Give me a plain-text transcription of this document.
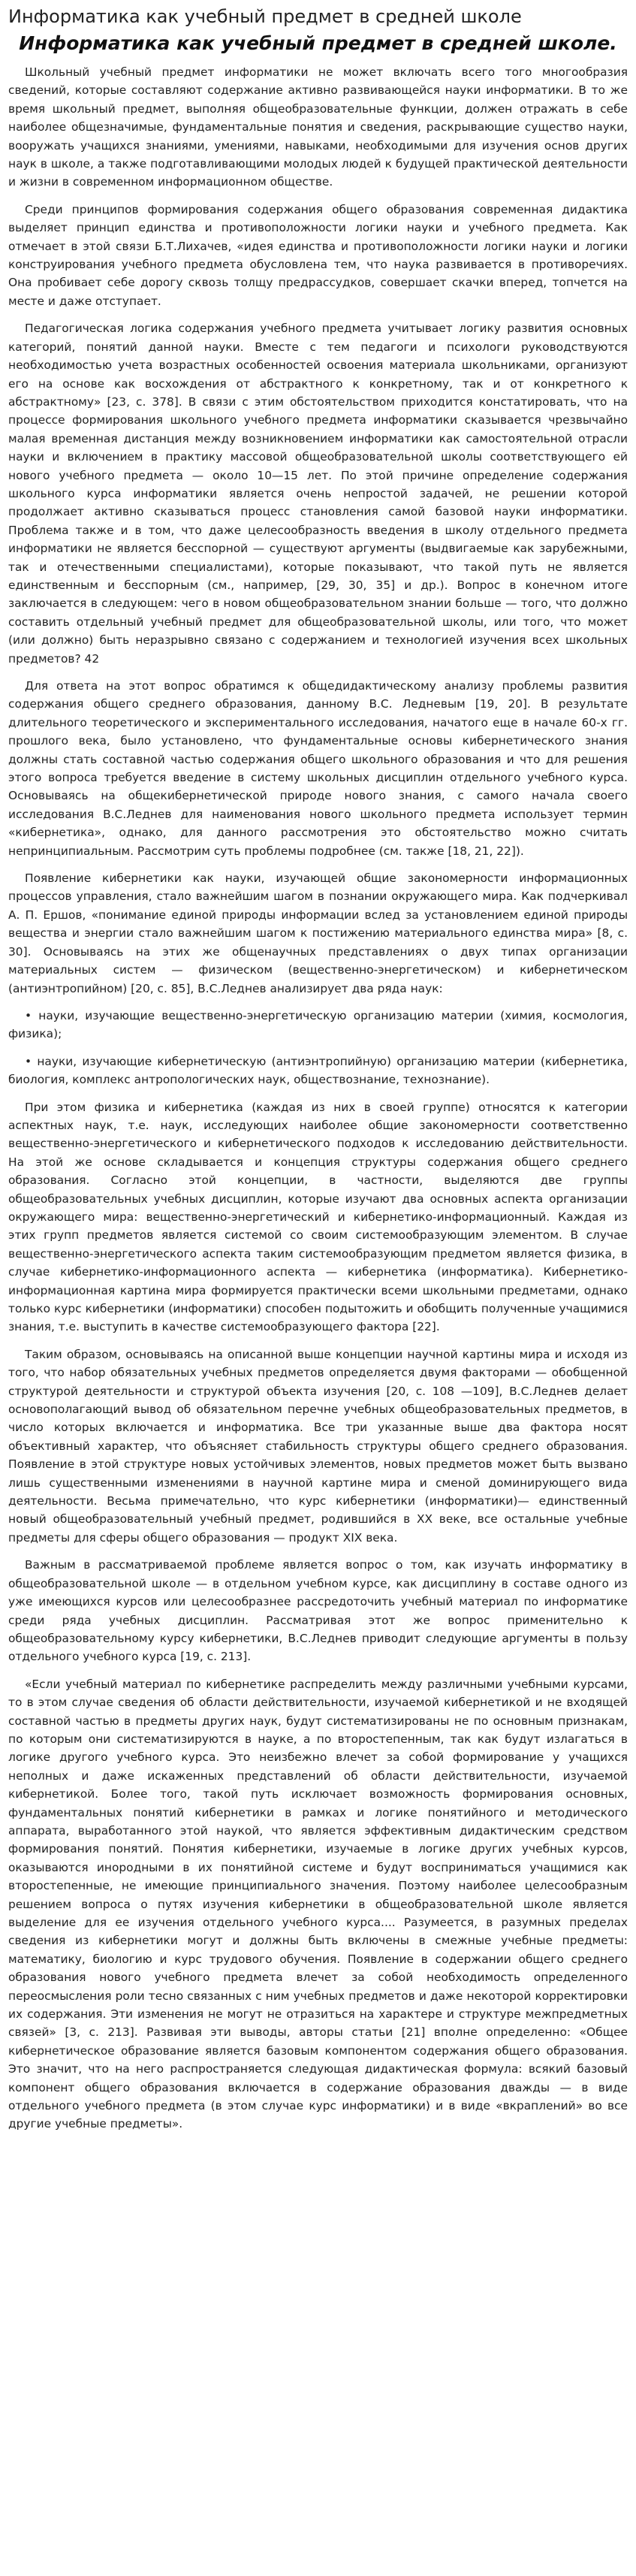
Информатика как учебный предмет в средней школе
Информатика как учебный предмет в средней школе.

Школьный учебный предмет информатики не может включать всего того многообразия сведений, которые составляют содержание активно развивающейся науки информатики. В то же время школьный предмет, выполняя общеобразовательные функции, должен отражать в себе наиболее общезначимые, фундаментальные понятия и сведения, раскрывающие существо науки, вооружать учащихся знаниями, умениями, навыками, необходимыми для изучения основ других наук в школе, а также подготавливающими молодых людей к будущей практической деятельности и жизни в современном информационном обществе.

Среди принципов формирования содержания общего образования современная дидактика выделяет принцип единства и противоположности логики науки и учебного предмета. Как отмечает в этой связи Б.Т.Лихачев, «идея единства и противоположности логики науки и логики конструирования учебного предмета обусловлена тем, что наука развивается в противоречиях. Она пробивает себе дорогу сквозь толщу предрассудков, совершает скачки вперед, топчется на месте и даже отступает.

Педагогическая логика содержания учебного предмета учитывает логику развития основных категорий, понятий данной науки. Вместе с тем педагоги и психологи руководствуются необходимостью учета возрастных особенностей освоения материала школьниками, организуют его на основе как восхождения от абстрактного к конкретному, так и от конкретного к абстрактному» [23, с. 378]. В связи с этим обстоятельством приходится констатировать, что на процессе формирования школьного учебного предмета информатики сказывается чрезвычайно малая временная дистанция между возникновением информатики как самостоятельной отрасли науки и включением в практику массовой общеобразовательной школы соответствующего ей нового учебного предмета — около 10—15 лет. По этой причине определение содержания школьного курса информатики является очень непростой задачей, не решении которой продолжает активно сказываться процесс становления самой базовой науки информатики. Проблема также и в том, что даже целесообразность введения в школу отдельного предмета информатики не является бесспорной — существуют аргументы (выдвигаемые как зарубежными, так и отечественными специалистами), которые показывают, что такой путь не является единственным и бесспорным (см., например, [29, 30, 35] и др.). Вопрос в конечном итоге заключается в следующем: чего в новом общеобразовательном знании больше — того, что должно составить отдельный учебный предмет для общеобразовательной школы, или того, что может (или должно) быть неразрывно связано с содержанием и технологией изучения всех школьных предметов? 42

Для ответа на этот вопрос обратимся к общедидактическому анализу проблемы развития содержания общего среднего образования, данному В.С. Ледневым [19, 20]. В результате длительного теоретического и экспериментального исследования, начатого еще в начале 60-х гг. прошлого века, было установлено, что фундаментальные основы кибернетического знания должны стать составной частью содержания общего школьного образования и что для решения этого вопроса требуется введение в систему школьных дисциплин отдельного учебного курса. Основываясь на общекибернетической природе нового знания, с самого начала своего исследования В.С.Леднев для наименования нового школьного предмета использует термин «кибернетика», однако, для данного рассмотрения это обстоятельство можно считать непринципиальным. Рассмотрим суть проблемы подробнее (см. также [18, 21, 22]).

Появление кибернетики как науки, изучающей общие закономерности информационных процессов управления, стало важнейшим шагом в познании окружающего мира. Как подчеркивал А. П. Ершов, «понимание единой природы информации вслед за установлением единой природы вещества и энергии стало важнейшим шагом к постижению материального единства мира» [8, с. 30]. Основываясь на этих же общенаучных представлениях о двух типах организации материальных систем — физическом (вещественно-энергетическом) и кибернетическом (антиэнтропийном) [20, с. 85], В.С.Леднев анализирует два ряда наук:

• науки, изучающие вещественно-энергетическую организацию материи (химия, космология, физика);

• науки, изучающие кибернетическую (антиэнтропийную) организацию материи (кибернетика, биология, комплекс антропологических наук, обществознание, технознание).

При этом физика и кибернетика (каждая из них в своей группе) относятся к категории аспектных наук, т.е. наук, исследующих наиболее общие закономерности соответственно вещественно-энергетического и кибернетического подходов к исследованию действительности. На этой же основе складывается и концепция структуры содержания общего среднего образования. Согласно этой концепции, в частности, выделяются две группы общеобразовательных учебных дисциплин, которые изучают два основных аспекта организации окружающего мира: вещественно-энергетический и кибернетико-информационный. Каждая из этих групп предметов является системой со своим системообразующим элементом. В случае вещественно-энергетического аспекта таким системообразующим предметом является физика, в случае кибернетико-информационного аспекта — кибернетика (информатика). Кибернетико-информационная картина мира формируется практически всеми школьными предметами, однако только курс кибернетики (информатики) способен подытожить и обобщить полученные учащимися знания, т.е. выступить в качестве системообразующего фактора [22].

Таким образом, основываясь на описанной выше концепции научной картины мира и исходя из того, что набор обязательных учебных предметов определяется двумя факторами — обобщенной структурой деятельности и структурой объекта изучения [20, с. 108 —109], В.С.Леднев делает основополагающий вывод об обязательном перечне учебных общеобразовательных предметов, в число которых включается и информатика. Все три указанные выше два фактора носят объективный характер, что объясняет стабильность структуры общего среднего образования. Появление в этой структуре новых устойчивых элементов, новых предметов может быть вызвано лишь существенными изменениями в научной картине мира и сменой доминирующего вида деятельности. Весьма примечательно, что курс кибернетики (информатики)— единственный новый общеобразовательный учебный предмет, родившийся в XX веке, все остальные учебные предметы для сферы общего образования — продукт XIX века.

Важным в рассматриваемой проблеме является вопрос о том, как изучать информатику в общеобразовательной школе — в отдельном учебном курсе, как дисциплину в составе одного из уже имеющихся курсов или целесообразнее рассредоточить учебный материал по информатике среди ряда учебных дисциплин. Рассматривая этот же вопрос применительно к общеобразовательному курсу кибернетики, В.С.Леднев приводит следующие аргументы в пользу отдельного учебного курса [19, с. 213].

«Если учебный материал по кибернетике распределить между различными учебными курсами, то в этом случае сведения об области действительности, изучаемой кибернетикой и не входящей составной частью в предметы других наук, будут систематизированы не по основным признакам, по которым они систематизируются в науке, а по второстепенным, так как будут излагаться в логике другого учебного курса. Это неизбежно влечет за собой формирование у учащихся неполных и даже искаженных представлений об области действительности, изучаемой кибернетикой. Более того, такой путь исключает возможность формирования основных, фундаментальных понятий кибернетики в рамках и логике понятийного и методического аппарата, выработанного этой наукой, что является эффективным дидактическим средством формирования понятий. Понятия кибернетики, изучаемые в логике других учебных курсов, оказываются инородными в их понятийной системе и будут восприниматься учащимися как второстепенные, не имеющие принципиального значения. Поэтому наиболее целесообразным решением вопроса о путях изучения кибернетики в общеобразовательной школе является выделение для ее изучения отдельного учебного курса.... Разумеется, в разумных пределах сведения из кибернетики могут и должны быть включены в смежные учебные предметы: математику, биологию и курс трудового обучения. Появление в содержании общего среднего образования нового учебного предмета влечет за собой необходимость определенного переосмысления роли тесно связанных с ним учебных предметов и даже некоторой корректировки их содержания. Эти изменения не могут не отразиться на характере и структуре межпредметных связей» [3, с. 213]. Развивая эти выводы, авторы статьи [21] вполне определенно: «Общее кибернетическое образование является базовым компонентом содержания общего образования. Это значит, что на него распространяется следующая дидактическая формула: всякий базовый компонент общего образования включается в содержание образования дважды — в виде отдельного учебного предмета (в этом случае курс информатики) и в виде «вкраплений» во все другие учебные предметы».
